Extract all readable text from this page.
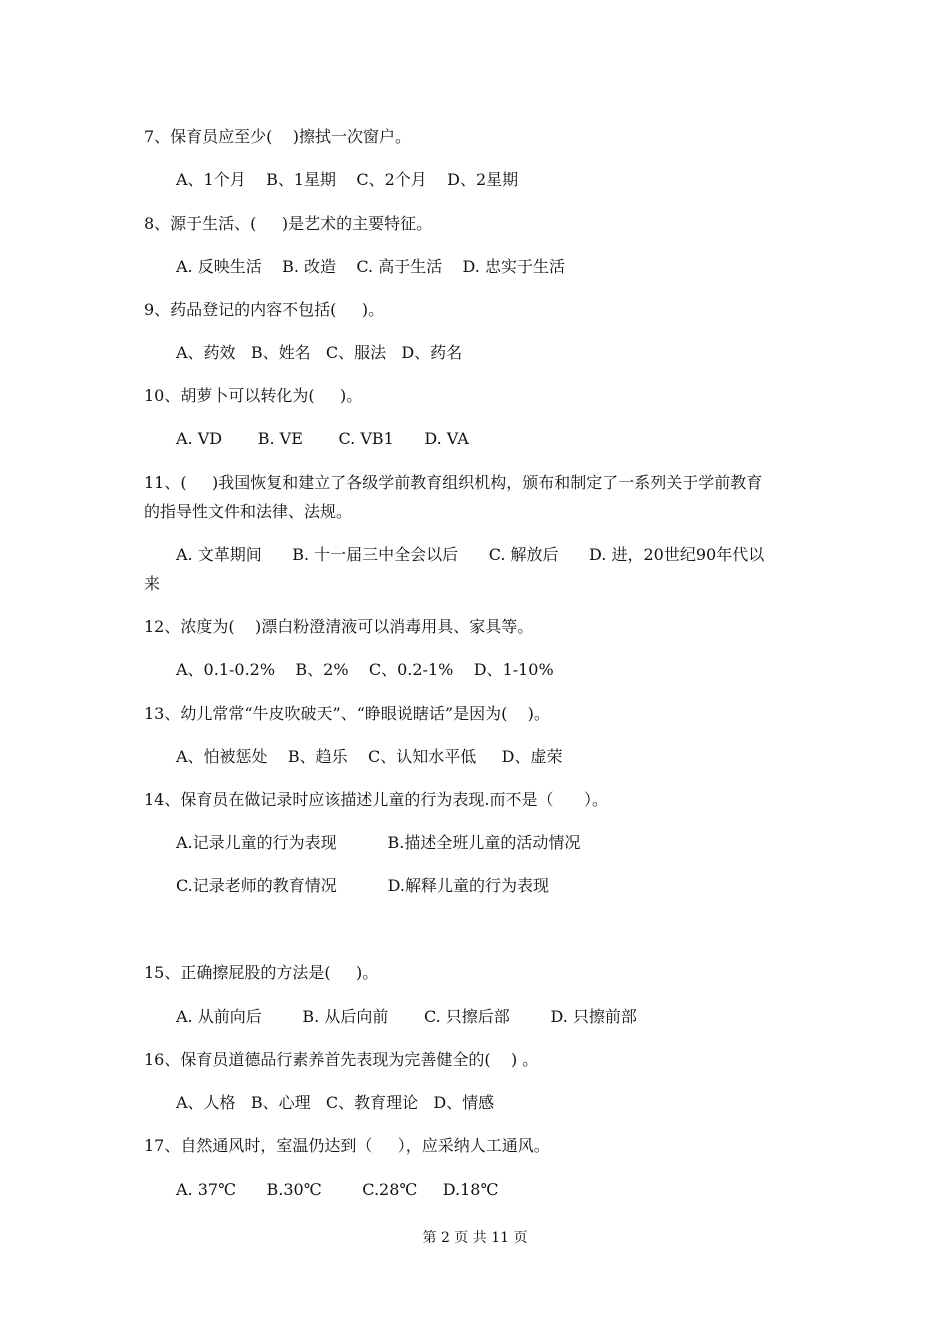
7、保育员应至少(    )擦拭一次窗户。
A、1个月    B、1星期    C、2个月    D、2星期
8、源于生活、(     )是艺术的主要特征。
A. 反映生活    B. 改造    C. 高于生活    D. 忠实于生活
9、药品登记的内容不包括(     )。
A、药效   B、姓名   C、服法   D、药名
10、胡萝卜可以转化为(     )。
A. VD       B. VE       C. VB1      D. VA
11、(     )我国恢复和建立了各级学前教育组织机构，颁布和制定了一系列关于学前教育
的指导性文件和法律、法规。
A. 文革期间      B. 十一届三中全会以后      C. 解放后      D. 进，20世纪90年代以
来
12、浓度为(    )漂白粉澄清液可以消毒用具、家具等。
A、0.1-0.2%    B、2%    C、0.2-1%    D、1-10%
13、幼儿常常“牛皮吹破天”、“睁眼说瞎话”是因为(    )。
A、怕被惩处    B、趋乐    C、认知水平低     D、虚荣
14、保育员在做记录时应该描述儿童的行为表现.而不是（      ）。
A.记录儿童的行为表现          B.描述全班儿童的活动情况
C.记录老师的教育情况          D.解释儿童的行为表现
15、正确擦屁股的方法是(     )。
A. 从前向后        B. 从后向前       C. 只擦后部        D. 只擦前部
16、保育员道德品行素养首先表现为完善健全的(    ) 。
A、人格   B、心理   C、教育理论   D、情感
17、自然通风时，室温仍达到（     ），应采纳人工通风。
A. 37℃      B.30℃        C.28℃     D.18℃
第 2 页 共 11 页
